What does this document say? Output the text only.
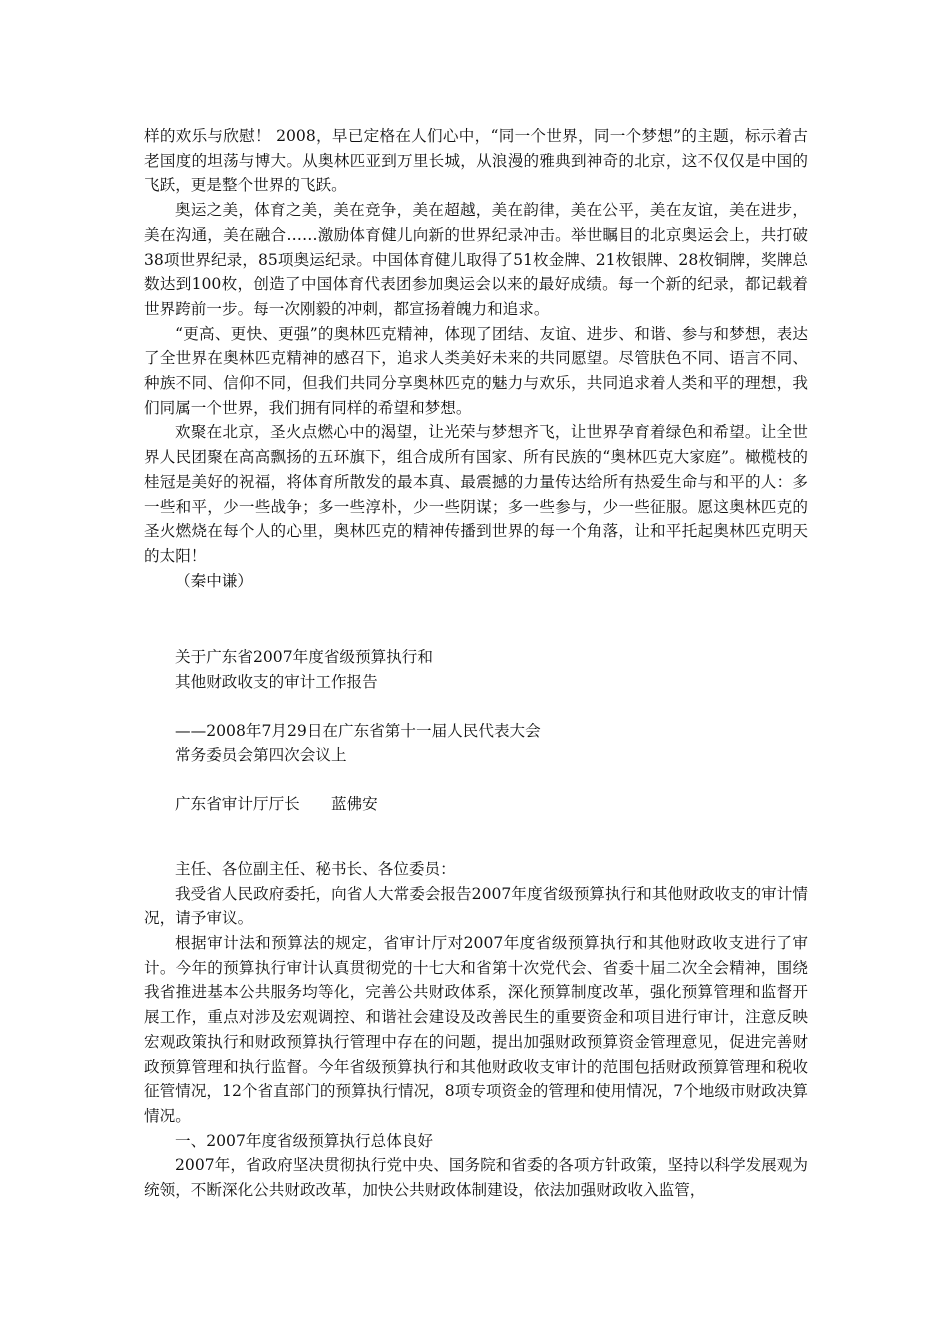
样的欢乐与欣慰！ 2008，早已定格在人们心中，“同一个世界，同一个梦想”的主题，标示着古老国度的坦荡与博大。从奥林匹亚到万里长城，从浪漫的雅典到神奇的北京，这不仅仅是中国的飞跃，更是整个世界的飞跃。

奥运之美，体育之美，美在竞争，美在超越，美在韵律，美在公平，美在友谊，美在进步，美在沟通，美在融合……激励体育健儿向新的世界纪录冲击。举世瞩目的北京奥运会上，共打破38项世界纪录，85项奥运纪录。中国体育健儿取得了51枚金牌、21枚银牌、28枚铜牌，奖牌总数达到100枚，创造了中国体育代表团参加奥运会以来的最好成绩。每一个新的纪录，都记载着世界跨前一步。每一次刚毅的冲刺，都宣扬着魄力和追求。

“更高、更快、更强”的奥林匹克精神，体现了团结、友谊、进步、和谐、参与和梦想，表达了全世界在奥林匹克精神的感召下，追求人类美好未来的共同愿望。尽管肤色不同、语言不同、种族不同、信仰不同，但我们共同分享奥林匹克的魅力与欢乐，共同追求着人类和平的理想，我们同属一个世界，我们拥有同样的希望和梦想。

欢聚在北京，圣火点燃心中的渴望，让光荣与梦想齐飞，让世界孕育着绿色和希望。让全世界人民团聚在高高飘扬的五环旗下，组合成所有国家、所有民族的“奥林匹克大家庭”。橄榄枝的桂冠是美好的祝福，将体育所散发的最本真、最震撼的力量传达给所有热爱生命与和平的人：多一些和平，少一些战争；多一些淳朴，少一些阴谋；多一些参与，少一些征服。愿这奥林匹克的圣火燃烧在每个人的心里，奥林匹克的精神传播到世界的每一个角落，让和平托起奥林匹克明天的太阳！

（秦中谦）

关于广东省2007年度省级预算执行和

其他财政收支的审计工作报告

——2008年7月29日在广东省第十一届人民代表大会

常务委员会第四次会议上

广东省审计厅厅长　　蓝佛安

主任、各位副主任、秘书长、各位委员：

我受省人民政府委托，向省人大常委会报告2007年度省级预算执行和其他财政收支的审计情况，请予审议。

根据审计法和预算法的规定，省审计厅对2007年度省级预算执行和其他财政收支进行了审计。今年的预算执行审计认真贯彻党的十七大和省第十次党代会、省委十届二次全会精神，围绕我省推进基本公共服务均等化，完善公共财政体系，深化预算制度改革，强化预算管理和监督开展工作，重点对涉及宏观调控、和谐社会建设及改善民生的重要资金和项目进行审计，注意反映宏观政策执行和财政预算执行管理中存在的问题，提出加强财政预算资金管理意见，促进完善财政预算管理和执行监督。今年省级预算执行和其他财政收支审计的范围包括财政预算管理和税收征管情况，12个省直部门的预算执行情况，8项专项资金的管理和使用情况，7个地级市财政决算情况。

一、2007年度省级预算执行总体良好

2007年，省政府坚决贯彻执行党中央、国务院和省委的各项方针政策，坚持以科学发展观为统领，不断深化公共财政改革，加快公共财政体制建设，依法加强财政收入监管，
